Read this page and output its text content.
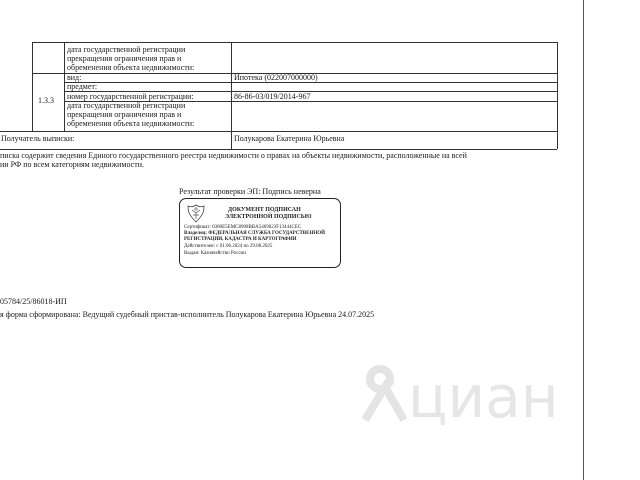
дата государственной регистрации
прекращения ограничения прав и
обременения объекта недвижимости:
1.3.3
вид:	Ипотека (022007000000)
предмет:
номер государственной регистрации:	86-86-03/019/2014-967
дата государственной регистрации
прекращения ограничения прав и
обременения объекта недвижимости:
Получатель выписки:	Полукарова Екатерина Юрьевна
писка содержит сведения Единого государственного реестра недвижимости о правах на объекты недвижимости, расположенные на всей
ии РФ по всем категориям недвижимости.
Результат проверки ЭП: Подпись неверна
ДОКУМЕНТ ПОДПИСАН
ЭЛЕКТРОННОЙ ПОДПИСЬЮ
Сертификат: 0380E5EMC8908BBA5469023F13444CEC
Владелец: ФЕДЕРАЛЬНАЯ СЛУЖБА ГОСУДАРСТВЕННОЙ
РЕГИСТРАЦИИ, КАДАСТРА И КАРТОГРАФИИ
Действителен: с 01.06.2024 по 29.08.2025
Выдан: Казначейство России
05784/25/86018-ИП
я форма сформирована: Ведущий судебный пристав-исполнитель Полукарова Екатерина Юрьевна 24.07.2025
циан
